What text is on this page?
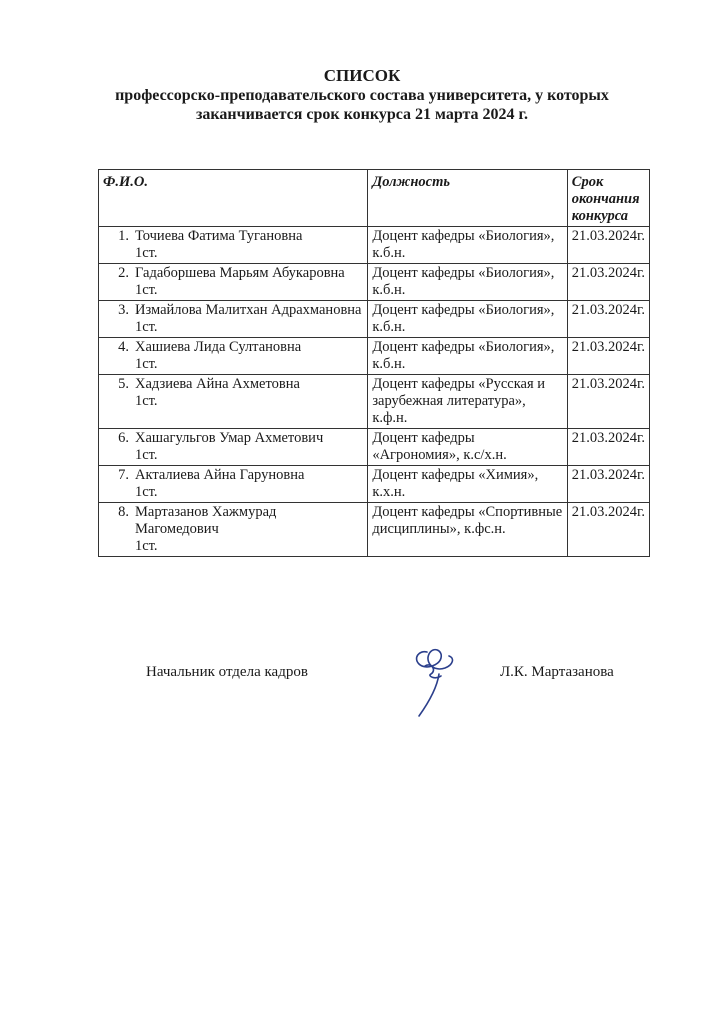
СПИСОК
профессорско-преподавательского состава университета, у которых заканчивается срок конкурса 21 марта 2024 г.
Ф.И.О.	Должность	Срок окончания конкурса

1. Точиева Фатима Тугановна
1ст.	Доцент кафедры «Биология», к.б.н.	21.03.2024г.

2. Гадаборшева Марьям Абукаровна
1ст.	Доцент кафедры «Биология», к.б.н.	21.03.2024г.

3. Измайлова Малитхан Адрахмановна
1ст.	Доцент кафедры «Биология», к.б.н.	21.03.2024г.

4. Хашиева Лида Султановна
1ст.	Доцент кафедры «Биология», к.б.н.	21.03.2024г.

5. Хадзиева Айна Ахметовна
1ст.	Доцент кафедры «Русская и зарубежная литература», к.ф.н.	21.03.2024г.

6. Хашагульгов Умар Ахметович
1ст.	Доцент кафедры «Агрономия», к.с/х.н.	21.03.2024г.

7. Акталиева Айна Гаруновна
1ст.	Доцент кафедры «Химия», к.х.н.	21.03.2024г.

8. Мартазанов Хажмурад Магомедович
1ст.	Доцент кафедры «Спортивные дисциплины», к.фс.н.	21.03.2024г.
Начальник отдела кадров	Л.К. Мартазанова
